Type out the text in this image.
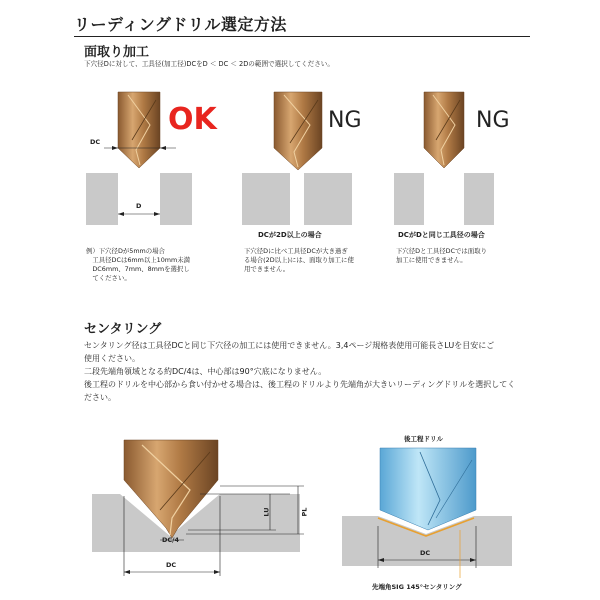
リーディングドリル選定方法
面取り加工
下穴径Dに対して、工具径(加工径)DCをD ＜ DC ＜ 2Dの範囲で選択してください。
OK	NG	NG
DC
D
DCが2D以上の場合	DCがDと同じ工具径の場合
例）下穴径Dが5mmの場合
　工具径DCは6mm以上10mm未満
　DC6mm、7mm、8mmを選択し
　てください。
下穴径Dに比べ工具径DCが大き過ぎ
る場合(2D以上)には、面取り加工に使
用できません。
下穴径Dと工具径DCでは面取り
加工に使用できません。
センタリング
センタリング径は工具径DCと同じ下穴径の加工には使用できません。3,4ページ規格表使用可能長さLUを目安にご
使用ください。
二段先端角領域となる約DC/4は、中心部は90°穴底になりません。
後工程のドリルを中心部から食い付かせる場合は、後工程のドリルより先端角が大きいリーディングドリルを選択してく
ださい。
DC/4
LU	PL
DC
DC
後工程ドリル
先端角SIG 145°センタリング
